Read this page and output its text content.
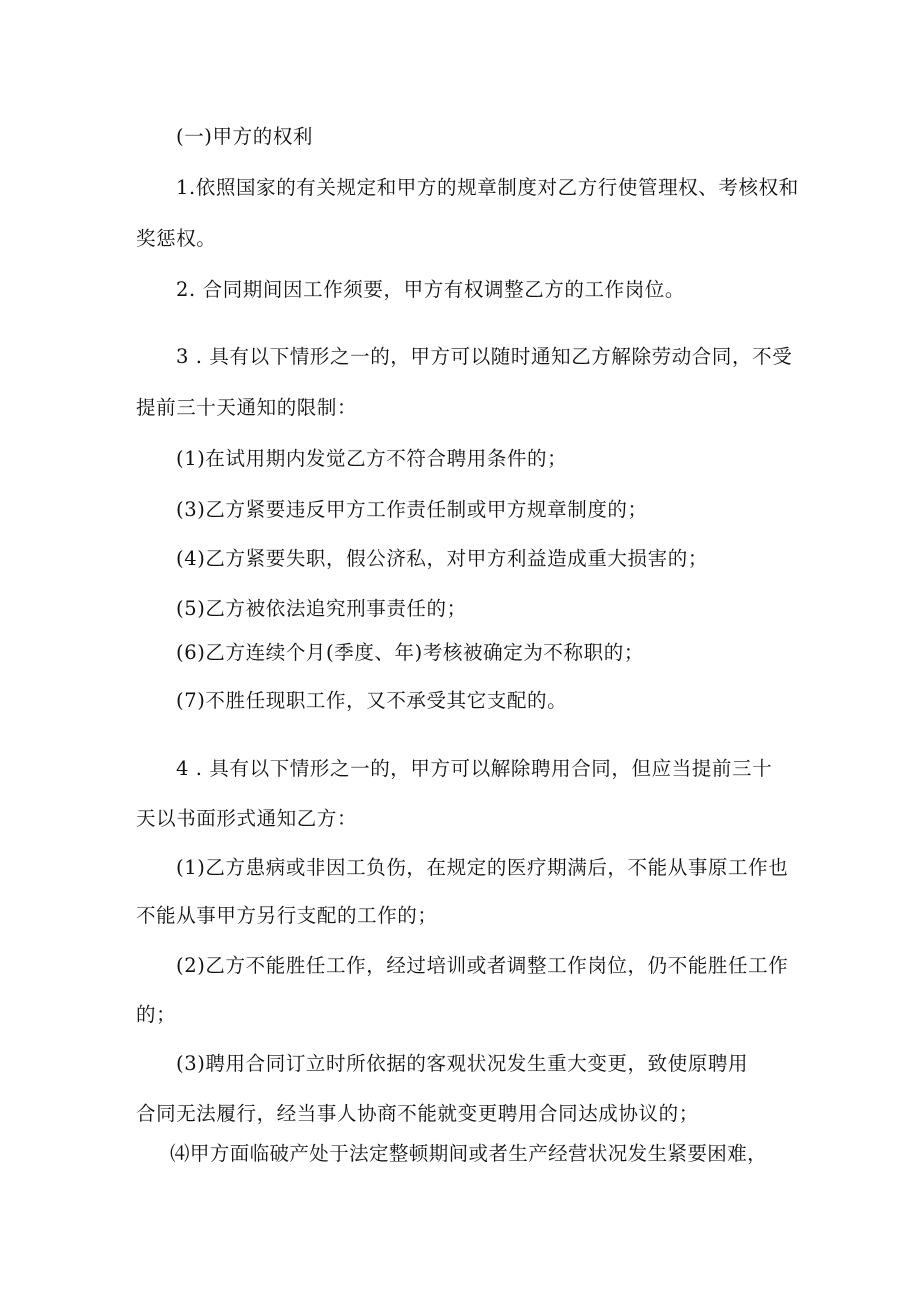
(一)甲方的权利
1.依照国家的有关规定和甲方的规章制度对乙方行使管理权、考核权和
奖惩权。
2. 合同期间因工作须要，甲方有权调整乙方的工作岗位。
3 . 具有以下情形之一的，甲方可以随时通知乙方解除劳动合同，不受
提前三十天通知的限制：
(1)在试用期内发觉乙方不符合聘用条件的；
(3)乙方紧要违反甲方工作责任制或甲方规章制度的；
(4)乙方紧要失职，假公济私，对甲方利益造成重大损害的；
(5)乙方被依法追究刑事责任的；
(6)乙方连续个月(季度、年)考核被确定为不称职的；
(7)不胜任现职工作，又不承受其它支配的。
4 . 具有以下情形之一的，甲方可以解除聘用合同，但应当提前三十
天以书面形式通知乙方：
(1)乙方患病或非因工负伤，在规定的医疗期满后，不能从事原工作也
不能从事甲方另行支配的工作的；
(2)乙方不能胜任工作，经过培训或者调整工作岗位，仍不能胜任工作
的；
(3)聘用合同订立时所依据的客观状况发生重大变更，致使原聘用
合同无法履行，经当事人协商不能就变更聘用合同达成协议的；
⑷甲方面临破产处于法定整顿期间或者生产经营状况发生紧要困难，
